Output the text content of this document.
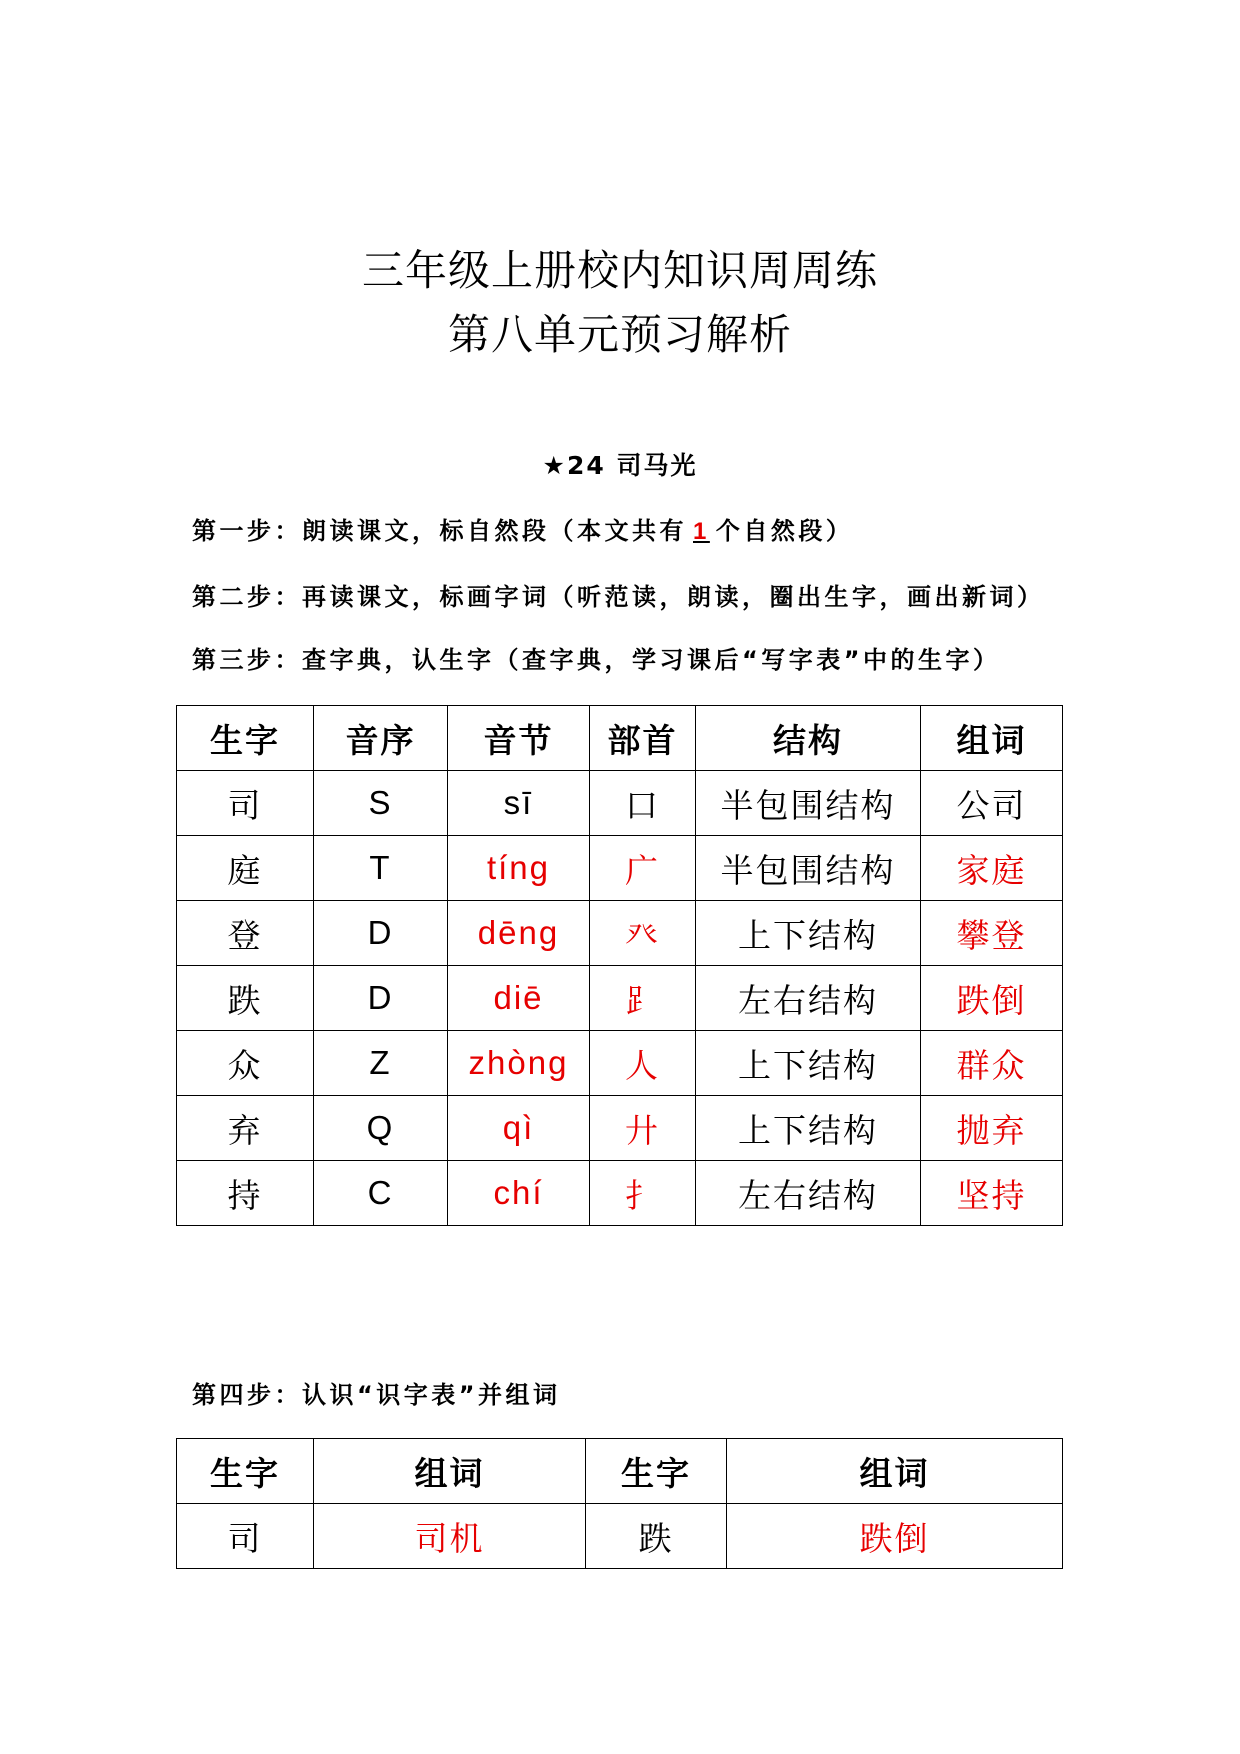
三年级上册校内知识周周练
第八单元预习解析
★24 司马光
第一步：朗读课文，标自然段（本文共有 1 个自然段）
第二步：再读课文，标画字词（听范读，朗读，圈出生字，画出新词）
第三步：查字典，认生字（查字典，学习课后“写字表”中的生字）
生字	音序	音节	部首	结构	组词
司	S	sī	口	半包围结构	公司
庭	T	tíng	广	半包围结构	家庭
登	D	dēng	癶	上下结构	攀登
跌	D	diē	⻊	左右结构	跌倒
众	Z	zhòng	人	上下结构	群众
弃	Q	qì	廾	上下结构	抛弃
持	C	chí	扌	左右结构	坚持
第四步：认识“识字表”并组词
生字	组词	生字	组词
司	司机	跌	跌倒
